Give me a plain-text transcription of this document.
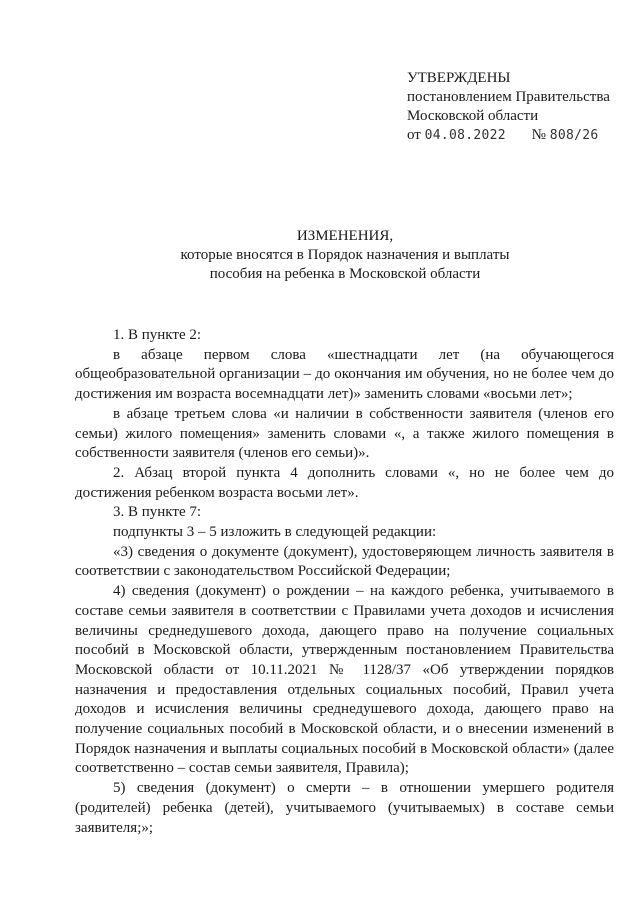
УТВЕРЖДЕНЫ
постановлением Правительства
Московской области
от 04.08.2022 № 808/26
ИЗМЕНЕНИЯ,
которые вносятся в Порядок назначения и выплаты
пособия на ребенка в Московской области

1. В пункте 2:

в абзаце первом слова «шестнадцати лет (на обучающегося общеобразовательной организации – до окончания им обучения, но не более чем до достижения им возраста восемнадцати лет)» заменить словами «восьми лет»;

в абзаце третьем слова «и наличии в собственности заявителя (членов его семьи) жилого помещения» заменить словами «, а также жилого помещения в собственности заявителя (членов его семьи)».

2. Абзац второй пункта 4 дополнить словами «, но не более чем до достижения ребенком возраста восьми лет».

3. В пункте 7:

подпункты 3 – 5 изложить в следующей редакции:

«3) сведения о документе (документ), удостоверяющем личность заявителя в соответствии с законодательством Российской Федерации;

4) сведения (документ) о рождении – на каждого ребенка, учитываемого в составе семьи заявителя в соответствии с Правилами учета доходов и исчисления величины среднедушевого дохода, дающего право на получение социальных пособий в Московской области, утвержденным постановлением Правительства Московской области от 10.11.2021 № 1128/37 «Об утверждении порядков назначения и предоставления отдельных социальных пособий, Правил учета доходов и исчисления величины среднедушевого дохода, дающего право на получение социальных пособий в Московской области, и о внесении изменений в Порядок назначения и выплаты социальных пособий в Московской области» (далее соответственно – состав семьи заявителя, Правила);

5) сведения (документ) о смерти – в отношении умершего родителя (родителей) ребенка (детей), учитываемого (учитываемых) в составе семьи заявителя;»;
